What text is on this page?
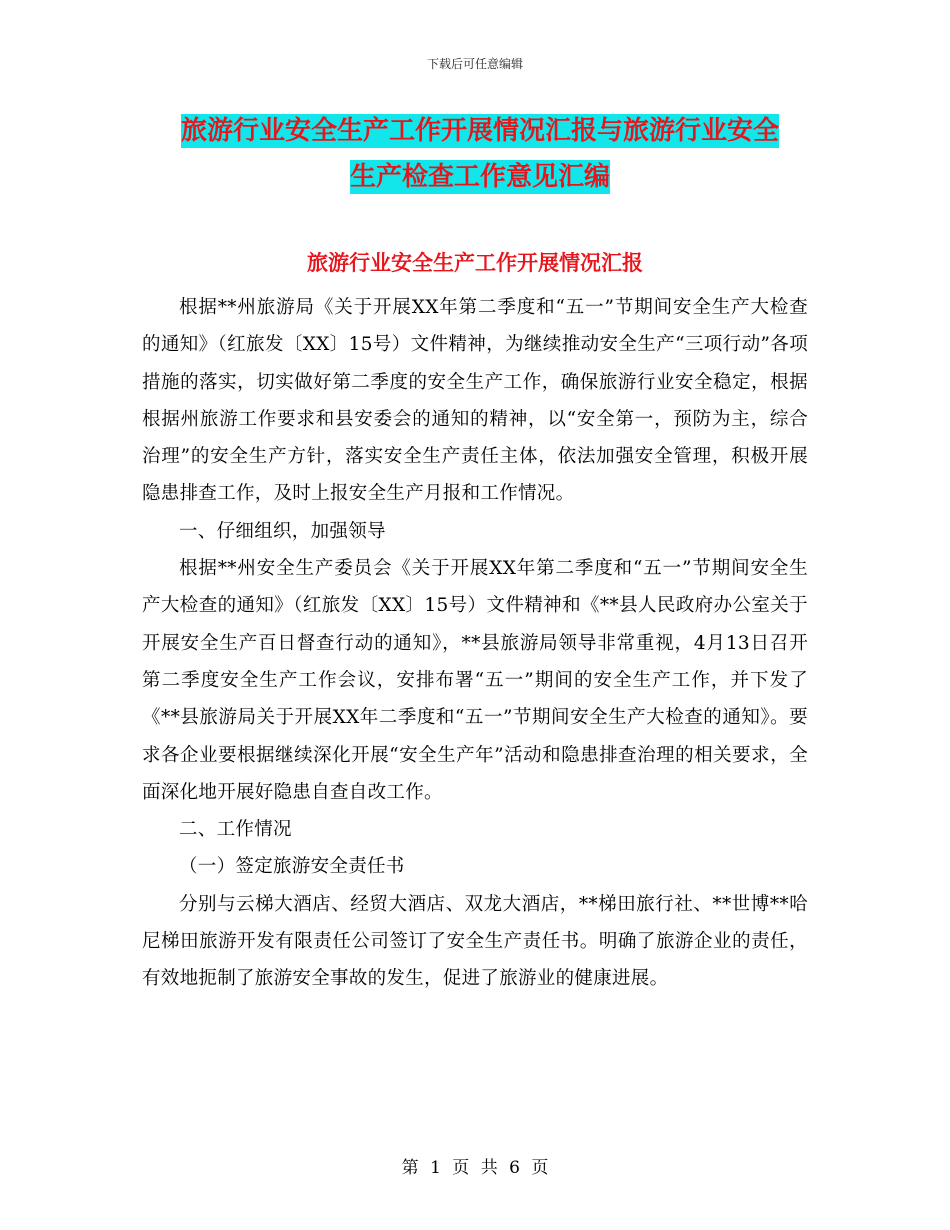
下载后可任意编辑
旅游行业安全生产工作开展情况汇报与旅游行业安全
生产检查工作意见汇编
旅游行业安全生产工作开展情况汇报

根据**州旅游局《关于开展XX年第二季度和“五一”节期间安全生产大检查的通知》（红旅发〔XX〕15号）文件精神，为继续推动安全生产“三项行动”各项措施的落实，切实做好第二季度的安全生产工作，确保旅游行业安全稳定，根据根据州旅游工作要求和县安委会的通知的精神，以“安全第一，预防为主，综合治理”的安全生产方针，落实安全生产责任主体，依法加强安全管理，积极开展隐患排查工作，及时上报安全生产月报和工作情况。

一、仔细组织，加强领导

根据**州安全生产委员会《关于开展XX年第二季度和“五一”节期间安全生产大检查的通知》（红旅发〔XX〕15号）文件精神和《**县人民政府办公室关于开展安全生产百日督查行动的通知》，**县旅游局领导非常重视，4月13日召开第二季度安全生产工作会议，安排布署“五一”期间的安全生产工作，并下发了《**县旅游局关于开展XX年二季度和“五一”节期间安全生产大检查的通知》。要求各企业要根据继续深化开展“安全生产年”活动和隐患排查治理的相关要求，全面深化地开展好隐患自查自改工作。

二、工作情况

（一）签定旅游安全责任书

分别与云梯大酒店、经贸大酒店、双龙大酒店，**梯田旅行社、**世博**哈尼梯田旅游开发有限责任公司签订了安全生产责任书。明确了旅游企业的责任，有效地扼制了旅游安全事故的发生，促进了旅游业的健康进展。

第 1 页 共 6 页
